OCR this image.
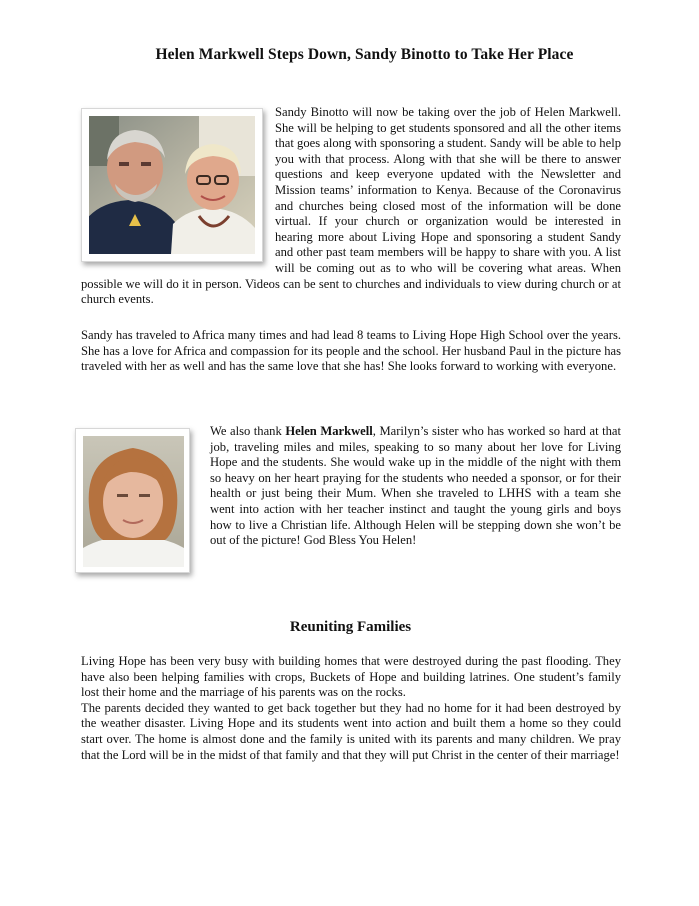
Helen Markwell Steps Down, Sandy Binotto to Take Her Place

Sandy Binotto will now be taking over the job of Helen Markwell. She will be helping to get students sponsored and all the other items that goes along with sponsoring a student. Sandy will be able to help you with that process. Along with that she will be there to answer questions and keep everyone updated with the Newsletter and Mission teams’ information to Kenya. Because of the Coronavirus and churches being closed most of the information will be done virtual. If your church or organization would be interested in hearing more about Living Hope and sponsoring a student Sandy and other past team members will be happy to share with you. A list will be coming out as to who will be covering what areas. When possible we will do it in person. Videos can be sent to churches and individuals to view during church or at church events.

Sandy has traveled to Africa many times and had lead 8 teams to Living Hope High School over the years. She has a love for Africa and compassion for its people and the school. Her husband Paul in the picture has traveled with her as well and has the same love that she has! She looks forward to working with everyone.

We also thank Helen Markwell, Marilyn’s sister who has worked so hard at that job, traveling miles and miles, speaking to so many about her love for Living Hope and the students. She would wake up in the middle of the night with them so heavy on her heart praying for the students who needed a sponsor, or for their health or just being their Mum. When she traveled to LHHS with a team she went into action with her teacher instinct and taught the young girls and boys how to live a Christian life. Although Helen will be stepping down she won’t be out of the picture! God Bless You Helen!

Reuniting Families

Living Hope has been very busy with building homes that were destroyed during the past flooding. They have also been helping families with crops, Buckets of Hope and building latrines. One student’s family lost their home and the marriage of his parents was on the rocks.

The parents decided they wanted to get back together but they had no home for it had been destroyed by the weather disaster. Living Hope and its students went into action and built them a home so they could start over. The home is almost done and the family is united with its parents and many children. We pray that the Lord will be in the midst of that family and that they will put Christ in the center of their marriage!
